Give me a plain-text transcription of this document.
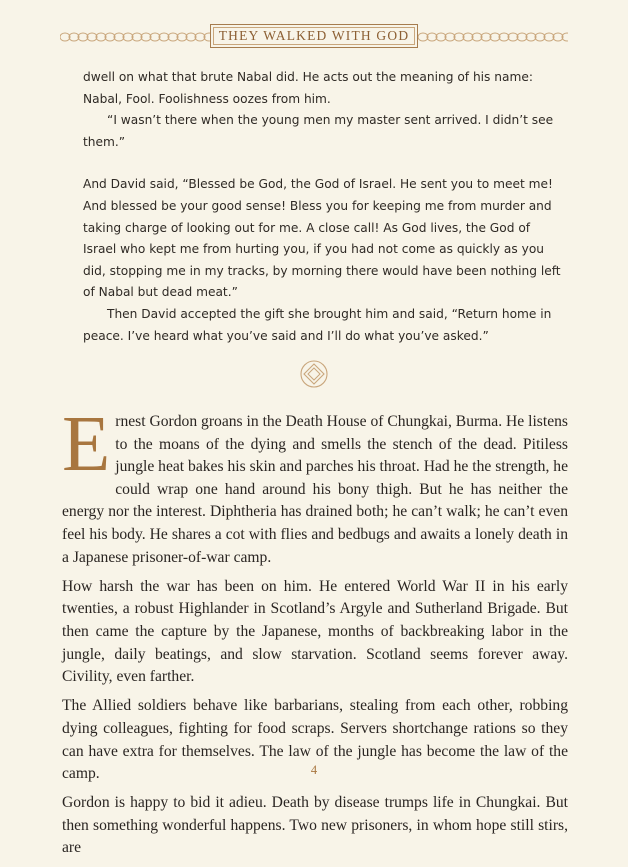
THEY WALKED WITH GOD

dwell on what that brute Nabal did. He acts out the meaning of his name: Nabal, Fool. Foolishness oozes from him.

“I wasn’t there when the young men my master sent arrived. I didn’t see them.”

And David said, “Blessed be God, the God of Israel. He sent you to meet me! And blessed be your good sense! Bless you for keeping me from murder and taking charge of looking out for me. A close call! As God lives, the God of Israel who kept me from hurting you, if you had not come as quickly as you did, stopping me in my tracks, by morning there would have been nothing left of Nabal but dead meat.”

Then David accepted the gift she brought him and said, “Return home in peace. I’ve heard what you’ve said and I’ll do what you’ve asked.”

Ernest Gordon groans in the Death House of Chungkai, Burma. He listens to the moans of the dying and smells the stench of the dead. Pitiless jungle heat bakes his skin and parches his throat. Had he the strength, he could wrap one hand around his bony thigh. But he has neither the energy nor the interest. Diphtheria has drained both; he can’t walk; he can’t even feel his body. He shares a cot with flies and bedbugs and awaits a lonely death in a Japanese prisoner-of-war camp.

How harsh the war has been on him. He entered World War II in his early twenties, a robust Highlander in Scotland’s Argyle and Sutherland Brigade. But then came the capture by the Japanese, months of backbreaking labor in the jungle, daily beatings, and slow starvation. Scotland seems forever away. Civility, even farther.

The Allied soldiers behave like barbarians, stealing from each other, robbing dying colleagues, fighting for food scraps. Servers shortchange rations so they can have extra for themselves. The law of the jungle has become the law of the camp.

Gordon is happy to bid it adieu. Death by disease trumps life in Chungkai. But then something wonderful happens. Two new prisoners, in whom hope still stirs, are

4
